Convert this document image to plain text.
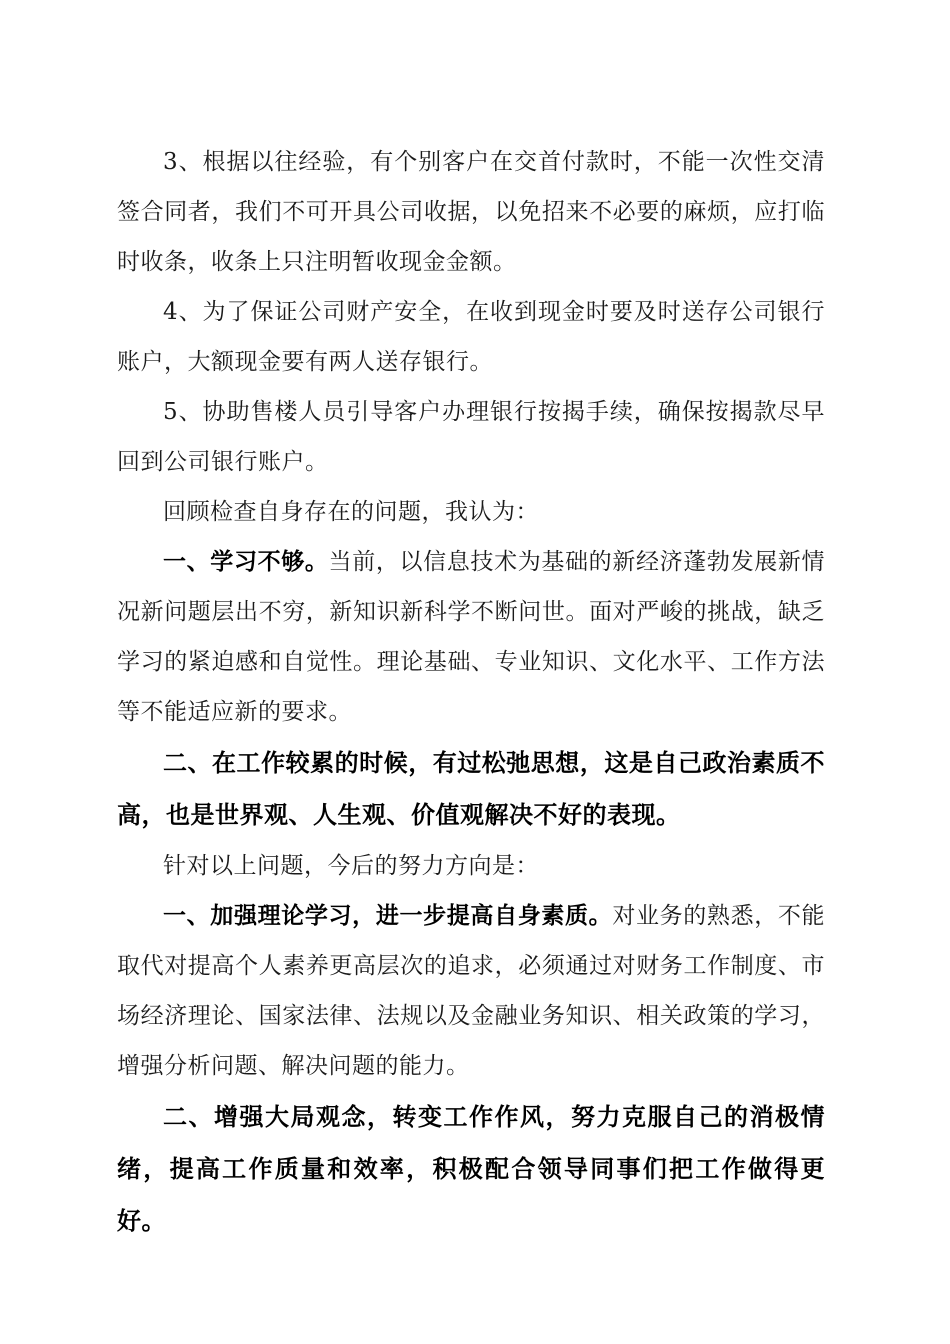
3、根据以往经验，有个别客户在交首付款时，不能一次性交清签合同者，我们不可开具公司收据，以免招来不必要的麻烦，应打临时收条，收条上只注明暂收现金金额。

4、为了保证公司财产安全，在收到现金时要及时送存公司银行账户，大额现金要有两人送存银行。

5、协助售楼人员引导客户办理银行按揭手续，确保按揭款尽早回到公司银行账户。

回顾检查自身存在的问题，我认为：

一、学习不够。当前，以信息技术为基础的新经济蓬勃发展新情况新问题层出不穷，新知识新科学不断问世。面对严峻的挑战，缺乏学习的紧迫感和自觉性。理论基础、专业知识、文化水平、工作方法等不能适应新的要求。

二、在工作较累的时候，有过松弛思想，这是自己政治素质不高，也是世界观、人生观、价值观解决不好的表现。

针对以上问题，今后的努力方向是：

一、加强理论学习，进一步提高自身素质。对业务的熟悉，不能取代对提高个人素养更高层次的追求，必须通过对财务工作制度、市场经济理论、国家法律、法规以及金融业务知识、相关政策的学习，增强分析问题、解决问题的能力。

二、增强大局观念，转变工作作风，努力克服自己的消极情绪，提高工作质量和效率，积极配合领导同事们把工作做得更好。
